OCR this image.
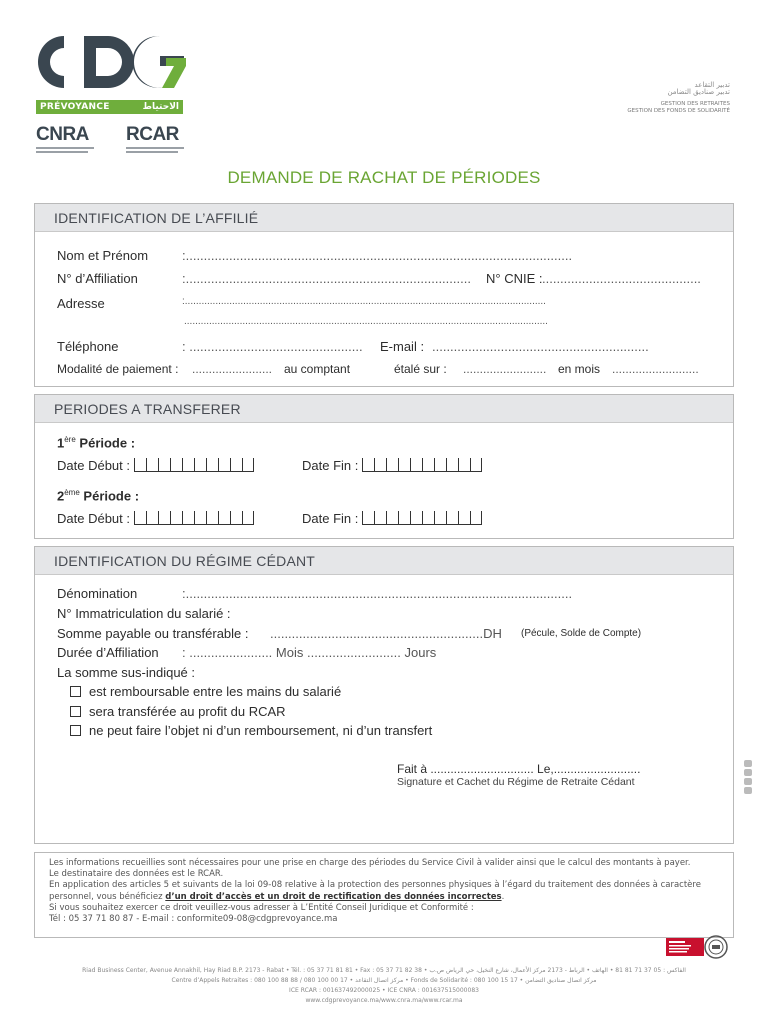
PRÉVOYANCE	الاحتياط
CNRA RCAR
تدبير التقاعد
تدبير صناديق التضامن
GESTION DES RETRAITES
GESTION DES FONDS DE SOLIDARITÉ
DEMANDE DE RACHAT DE PÉRIODES
IDENTIFICATION DE L’AFFILIÉ
Nom et Prénom	:...........................................................................................................
N° d’Affiliation	:............................................................................... N° CNIE : ............................................
Adresse	:..................................................................................................................................
...................................................................................................................................
Téléphone	: ................................................ E-mail : ............................................................
Modalité de paiement : ........................ au comptant	étalé sur : ......................... en mois ..........................
PERIODES A TRANSFERER
1ère Période :
Date Début :	Date Fin :
2ème Période :
Date Début :	Date Fin :
IDENTIFICATION DU RÉGIME CÉDANT
Dénomination	:...........................................................................................................
N° Immatriculation du salarié :
Somme payable ou transférable : ...........................................................DH (Pécule, Solde de Compte)
Durée d’Affiliation : ....................... Mois .......................... Jours
La somme sus-indiqué :
est remboursable entre les mains du salarié
sera transférée au profit du RCAR
ne peut faire l’objet ni d’un remboursement, ni d’un transfert
Fait à ............................... Le,..........................
Signature et Cachet du Régime de Retraite Cédant
Les informations recueillies sont nécessaires pour une prise en charge des périodes du Service Civil à valider ainsi que le calcul des montants à payer.
Le destinataire des données est le RCAR.
En application des articles 5 et suivants de la loi 09-08 relative à la protection des personnes physiques à l’égard du traitement des données à caractère
personnel, vous bénéficiez d’un droit d’accès et un droit de rectification des données incorrectes.
Si vous souhaitez exercer ce droit veuillez-vous adresser à L’Entité Conseil Juridique et Conformité :
Tél : 05 37 71 80 87 - E-mail : conformite09-08@cdgprevoyance.ma
Riad Business Center, Avenue Annakhil, Hay Riad B.P. 2173 - Rabat • Tél. : 05 37 71 81 81 • Fax : 05 37 71 82 38 • الفاكس : 05 37 71 81 81 • الهاتف • الرباط - 2173 مركز الأعمال، شارع النخيل، حي الرياض ص.ب
Centre d’Appels Retraites : 080 100 88 88 / 080 100 00 17 • مركز اتصال التقاعد • Fonds de Solidarité : 080 100 15 17 • مركز اتصال صناديق التضامن
ICE RCAR : 001637492000025 • ICE CNRA : 001637515000083
www.cdgprevoyance.ma/www.cnra.ma/www.rcar.ma
